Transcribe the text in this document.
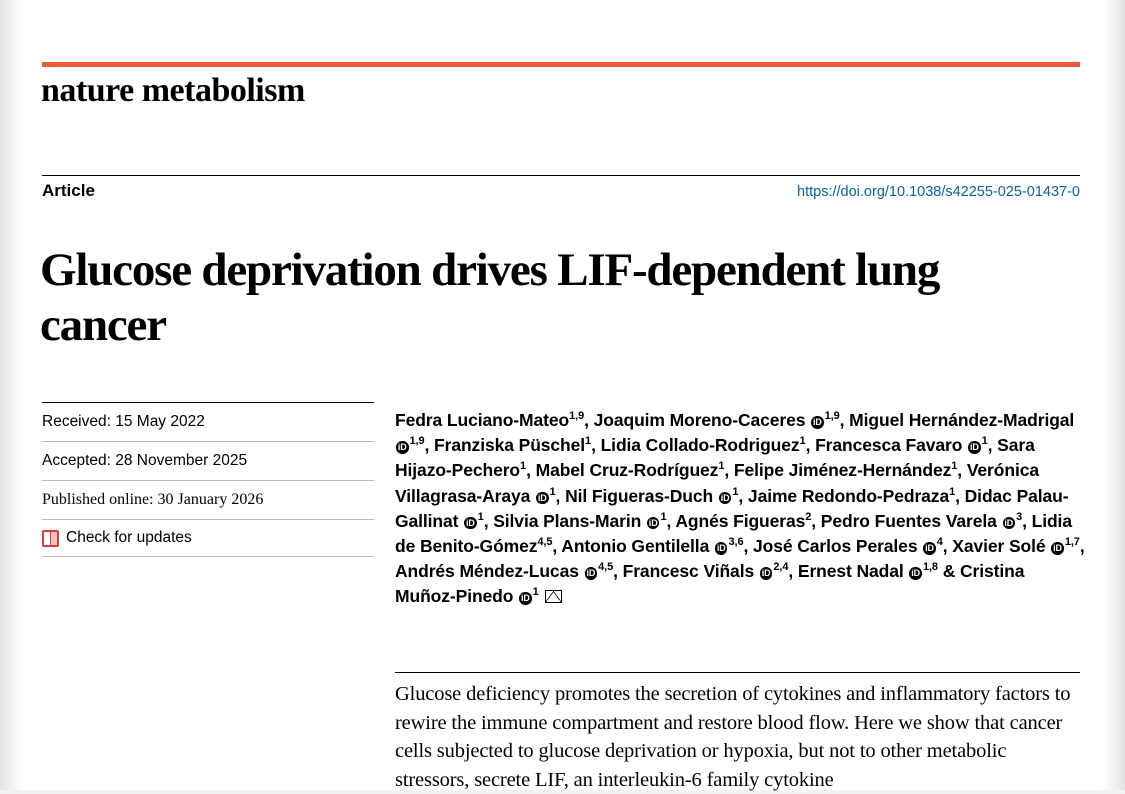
nature metabolism
Article	https://doi.org/10.1038/s42255-025-01437-0
Glucose deprivation drives LIF-dependent lung cancer
Received: 15 May 2022
Accepted: 28 November 2025
Published online: 30 January 2026
Check for updates
Fedra Luciano-Mateo$^{1,9}$, Joaquim Moreno-Caceres iD $^{1,9}$, Miguel Hernández-Madrigal iD $^{1,9}$, Franziska Püschel$^1$, Lidia Collado-Rodriguez$^1$, Francesca Favaro iD $^1$, Sara Hijazo-Pechero$^1$, Mabel Cruz-Rodríguez$^1$, Felipe Jiménez-Hernández$^1$, Verónica Villagrasa-Araya iD $^1$, Nil Figueras-Duch iD $^1$, Jaime Redondo-Pedraza$^1$, Didac Palau-Gallinat iD $^1$, Silvia Plans-Marin iD $^1$, Agnés Figueras$^2$, Pedro Fuentes Varela iD $^3$, Lidia de Benito-Gómez$^{4,5}$, Antonio Gentilella iD $^{3,6}$, José Carlos Perales iD $^4$, Xavier Solé iD $^{1,7}$, Andrés Méndez-Lucas iD $^{4,5}$, Francesc Viñals iD $^{2,4}$, Ernest Nadal iD $^{1,8}$ & Cristina Muñoz-Pinedo iD $^1$
Glucose deficiency promotes the secretion of cytokines and inflammatory factors to rewire the immune compartment and restore blood flow. Here we show that cancer cells subjected to glucose deprivation or hypoxia, but not to other metabolic stressors, secrete LIF, an interleukin-6 family cytokine
